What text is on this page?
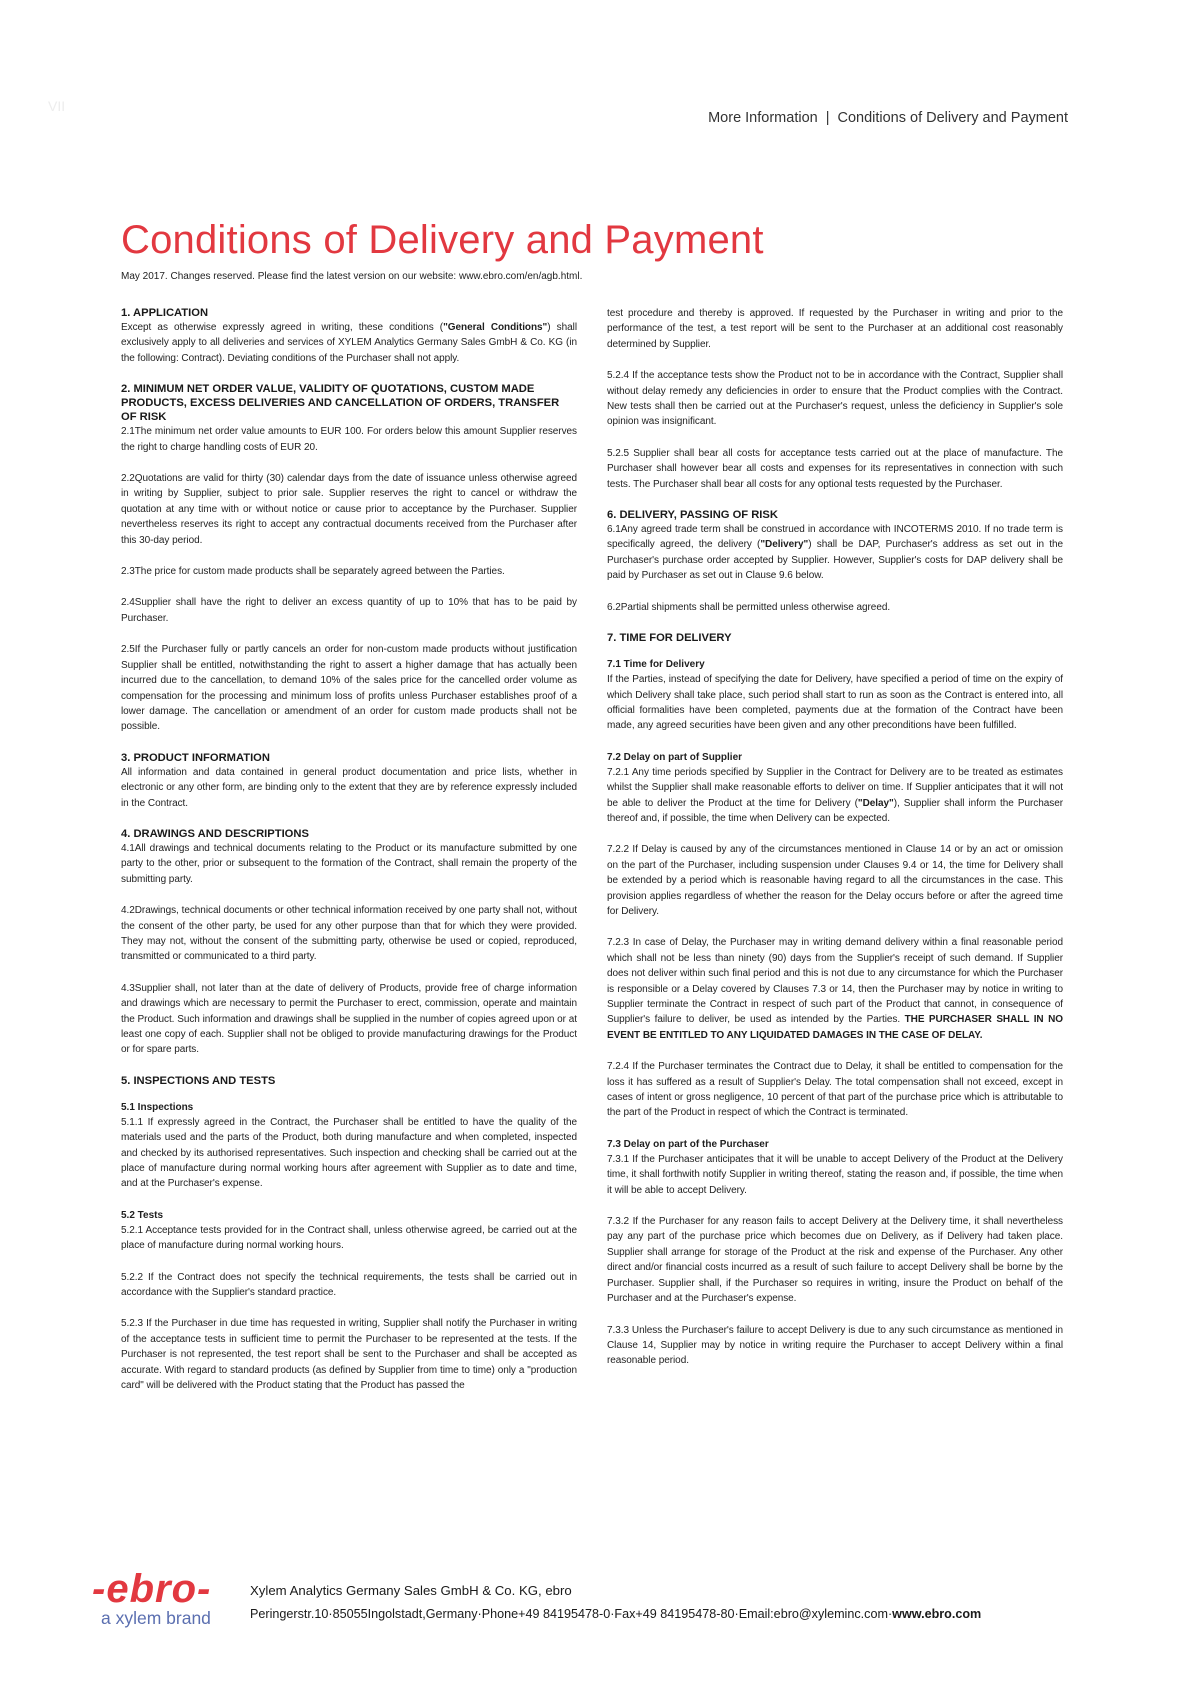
VII
More Information | Conditions of Delivery and Payment
Conditions of Delivery and Payment
May 2017. Changes reserved. Please find the latest version on our website: www.ebro.com/en/agb.html.
1. APPLICATION

Except as otherwise expressly agreed in writing, these conditions ("General Conditions") shall exclusively apply to all deliveries and services of XYLEM Analytics Germany Sales GmbH & Co. KG (in the following: Contract). Deviating conditions of the Purchaser shall not apply.

2. MINIMUM NET ORDER VALUE, VALIDITY OF QUOTATIONS, CUSTOM MADE PRODUCTS, EXCESS DELIVERIES AND CANCELLATION OF ORDERS, TRANSFER OF RISK

2.1The minimum net order value amounts to EUR 100. For orders below this amount Supplier reserves the right to charge handling costs of EUR 20.

2.2Quotations are valid for thirty (30) calendar days from the date of issuance unless otherwise agreed in writing by Supplier, subject to prior sale. Supplier reserves the right to cancel or withdraw the quotation at any time with or without notice or cause prior to acceptance by the Purchaser. Supplier nevertheless reserves its right to accept any contractual documents received from the Purchaser after this 30-day period.

2.3The price for custom made products shall be separately agreed between the Parties.

2.4Supplier shall have the right to deliver an excess quantity of up to 10% that has to be paid by Purchaser.

2.5If the Purchaser fully or partly cancels an order for non-custom made products without justification Supplier shall be entitled, notwithstanding the right to assert a higher damage that has actually been incurred due to the cancellation, to demand 10% of the sales price for the cancelled order volume as compensation for the processing and minimum loss of profits unless Purchaser establishes proof of a lower damage. The cancellation or amendment of an order for custom made products shall not be possible.

3. PRODUCT INFORMATION

All information and data contained in general product documentation and price lists, whether in electronic or any other form, are binding only to the extent that they are by reference expressly included in the Contract.

4. DRAWINGS AND DESCRIPTIONS

4.1All drawings and technical documents relating to the Product or its manufacture submitted by one party to the other, prior or subsequent to the formation of the Contract, shall remain the property of the submitting party.

4.2Drawings, technical documents or other technical information received by one party shall not, without the consent of the other party, be used for any other purpose than that for which they were provided. They may not, without the consent of the submitting party, otherwise be used or copied, reproduced, transmitted or communicated to a third party.

4.3Supplier shall, not later than at the date of delivery of Products, provide free of charge information and drawings which are necessary to permit the Purchaser to erect, commission, operate and maintain the Product. Such information and drawings shall be supplied in the number of copies agreed upon or at least one copy of each. Supplier shall not be obliged to provide manufacturing drawings for the Product or for spare parts.

5. INSPECTIONS AND TESTS
5.1 Inspections

5.1.1 If expressly agreed in the Contract, the Purchaser shall be entitled to have the quality of the materials used and the parts of the Product, both during manufacture and when completed, inspected and checked by its authorised representatives. Such inspection and checking shall be carried out at the place of manufacture during normal working hours after agreement with Supplier as to date and time, and at the Purchaser's expense.

5.2 Tests

5.2.1 Acceptance tests provided for in the Contract shall, unless otherwise agreed, be carried out at the place of manufacture during normal working hours.

5.2.2 If the Contract does not specify the technical requirements, the tests shall be carried out in accordance with the Supplier's standard practice.

5.2.3 If the Purchaser in due time has requested in writing, Supplier shall notify the Purchaser in writing of the acceptance tests in sufficient time to permit the Purchaser to be represented at the tests. If the Purchaser is not represented, the test report shall be sent to the Purchaser and shall be accepted as accurate. With regard to standard products (as defined by Supplier from time to time) only a "production card" will be delivered with the Product stating that the Product has passed the

test procedure and thereby is approved. If requested by the Purchaser in writing and prior to the performance of the test, a test report will be sent to the Purchaser at an additional cost reasonably determined by Supplier.

5.2.4 If the acceptance tests show the Product not to be in accordance with the Contract, Supplier shall without delay remedy any deficiencies in order to ensure that the Product complies with the Contract. New tests shall then be carried out at the Purchaser's request, unless the deficiency in Supplier's sole opinion was insignificant.

5.2.5 Supplier shall bear all costs for acceptance tests carried out at the place of manufacture. The Purchaser shall however bear all costs and expenses for its representatives in connection with such tests. The Purchaser shall bear all costs for any optional tests requested by the Purchaser.

6. DELIVERY, PASSING OF RISK

6.1Any agreed trade term shall be construed in accordance with INCOTERMS 2010. If no trade term is specifically agreed, the delivery ("Delivery") shall be DAP, Purchaser's address as set out in the Purchaser's purchase order accepted by Supplier. However, Supplier's costs for DAP delivery shall be paid by Purchaser as set out in Clause 9.6 below.

6.2Partial shipments shall be permitted unless otherwise agreed.

7. TIME FOR DELIVERY
7.1 Time for Delivery

If the Parties, instead of specifying the date for Delivery, have specified a period of time on the expiry of which Delivery shall take place, such period shall start to run as soon as the Contract is entered into, all official formalities have been completed, payments due at the formation of the Contract have been made, any agreed securities have been given and any other preconditions have been fulfilled.

7.2 Delay on part of Supplier

7.2.1 Any time periods specified by Supplier in the Contract for Delivery are to be treated as estimates whilst the Supplier shall make reasonable efforts to deliver on time. If Supplier anticipates that it will not be able to deliver the Product at the time for Delivery ("Delay"), Supplier shall inform the Purchaser thereof and, if possible, the time when Delivery can be expected.

7.2.2 If Delay is caused by any of the circumstances mentioned in Clause 14 or by an act or omission on the part of the Purchaser, including suspension under Clauses 9.4 or 14, the time for Delivery shall be extended by a period which is reasonable having regard to all the circumstances in the case. This provision applies regardless of whether the reason for the Delay occurs before or after the agreed time for Delivery.

7.2.3 In case of Delay, the Purchaser may in writing demand delivery within a final reasonable period which shall not be less than ninety (90) days from the Supplier's receipt of such demand. If Supplier does not deliver within such final period and this is not due to any circumstance for which the Purchaser is responsible or a Delay covered by Clauses 7.3 or 14, then the Purchaser may by notice in writing to Supplier terminate the Contract in respect of such part of the Product that cannot, in consequence of Supplier's failure to deliver, be used as intended by the Parties. THE PURCHASER SHALL IN NO EVENT BE ENTITLED TO ANY LIQUIDATED DAMAGES IN THE CASE OF DELAY.

7.2.4 If the Purchaser terminates the Contract due to Delay, it shall be entitled to compensation for the loss it has suffered as a result of Supplier's Delay. The total compensation shall not exceed, except in cases of intent or gross negligence, 10 percent of that part of the purchase price which is attributable to the part of the Product in respect of which the Contract is terminated.

7.3 Delay on part of the Purchaser

7.3.1 If the Purchaser anticipates that it will be unable to accept Delivery of the Product at the Delivery time, it shall forthwith notify Supplier in writing thereof, stating the reason and, if possible, the time when it will be able to accept Delivery.

7.3.2 If the Purchaser for any reason fails to accept Delivery at the Delivery time, it shall nevertheless pay any part of the purchase price which becomes due on Delivery, as if Delivery had taken place. Supplier shall arrange for storage of the Product at the risk and expense of the Purchaser. Any other direct and/or financial costs incurred as a result of such failure to accept Delivery shall be borne by the Purchaser. Supplier shall, if the Purchaser so requires in writing, insure the Product on behalf of the Purchaser and at the Purchaser's expense.

7.3.3 Unless the Purchaser's failure to accept Delivery is due to any such circumstance as mentioned in Clause 14, Supplier may by notice in writing require the Purchaser to accept Delivery within a final reasonable period.

-ebro-
a xylem brand
Xylem Analytics Germany Sales GmbH & Co. KG, ebro
Peringerstr.10·85055Ingolstadt,Germany·Phone+49 84195478-0·Fax+49 84195478-80·Email:ebro@xyleminc.com·www.ebro.com
